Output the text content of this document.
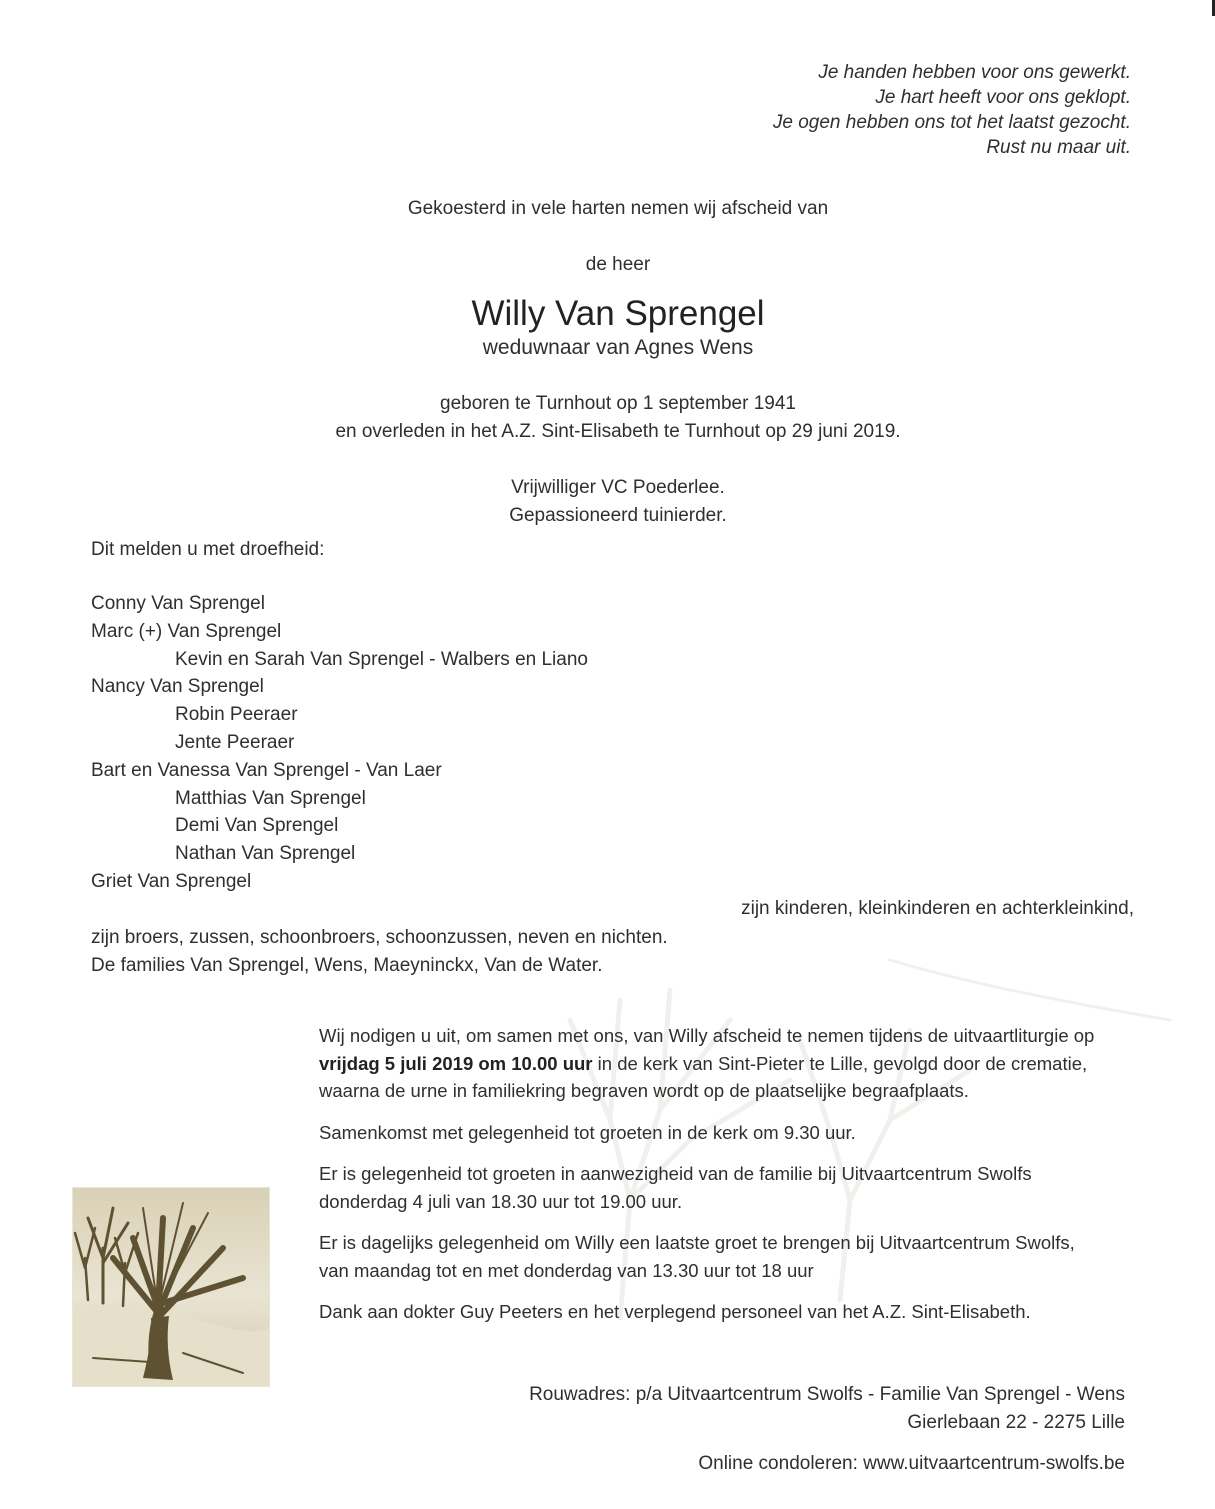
Je handen hebben voor ons gewerkt.
Je hart heeft voor ons geklopt.
Je ogen hebben ons tot het laatst gezocht.
Rust nu maar uit.
Gekoesterd in vele harten nemen wij afscheid van
de heer
Willy Van Sprengel
weduwnaar van Agnes Wens
geboren te Turnhout op 1 september 1941
en overleden in het A.Z. Sint-Elisabeth te Turnhout op 29 juni 2019.
Vrijwilliger VC Poederlee.
Gepassioneerd tuinierder.
Dit melden u met droefheid:
Conny Van Sprengel
Marc (+) Van Sprengel
Kevin en Sarah Van Sprengel - Walbers en Liano
Nancy Van Sprengel
Robin Peeraer
Jente Peeraer
Bart en Vanessa Van Sprengel - Van Laer
Matthias Van Sprengel
Demi Van Sprengel
Nathan Van Sprengel
Griet Van Sprengel
zijn kinderen, kleinkinderen en achterkleinkind,
zijn broers, zussen, schoonbroers, schoonzussen, neven en nichten.
De families Van Sprengel, Wens, Maeyninckx, Van de Water.

Wij nodigen u uit, om samen met ons, van Willy afscheid te nemen tijdens de uitvaartliturgie op vrijdag 5 juli 2019 om 10.00 uur in de kerk van Sint-Pieter te Lille, gevolgd door de crematie, waarna de urne in familiekring begraven wordt op de plaatselijke begraafplaats.

Samenkomst met gelegenheid tot groeten in de kerk om 9.30 uur.

Er is gelegenheid tot groeten in aanwezigheid van de familie bij Uitvaartcentrum Swolfs donderdag 4 juli van 18.30 uur tot 19.00 uur.

Er is dagelijks gelegenheid om Willy een laatste groet te brengen bij Uitvaartcentrum Swolfs, van maandag tot en met donderdag van 13.30 uur tot 18 uur

Dank aan dokter Guy Peeters en het verplegend personeel van het A.Z. Sint-Elisabeth.

Rouwadres: p/a Uitvaartcentrum Swolfs - Familie Van Sprengel - Wens
Gierlebaan 22 - 2275 Lille
Online condoleren: www.uitvaartcentrum-swolfs.be
